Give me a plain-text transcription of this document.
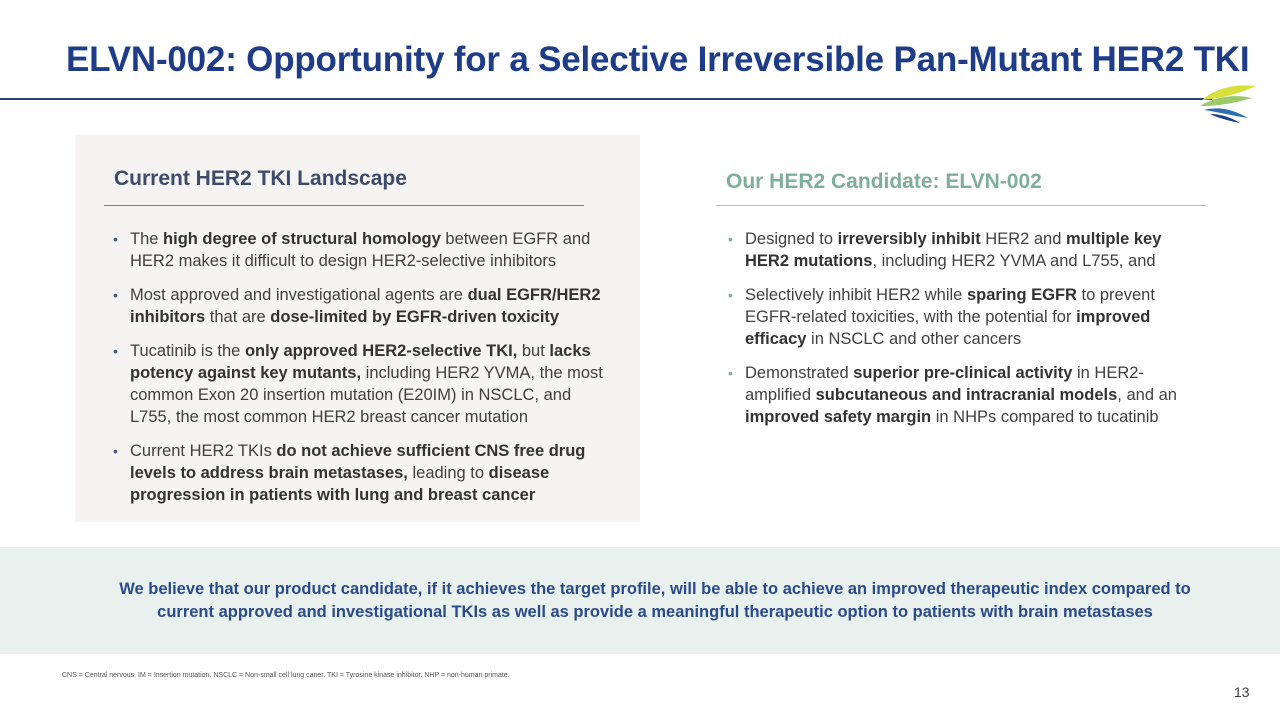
ELVN-002: Opportunity for a Selective Irreversible Pan-Mutant HER2 TKI
Current HER2 TKI Landscape
• The high degree of structural homology between EGFR and HER2 makes it difficult to design HER2-selective inhibitors
• Most approved and investigational agents are dual EGFR/HER2 inhibitors that are dose-limited by EGFR-driven toxicity
• Tucatinib is the only approved HER2-selective TKI, but lacks potency against key mutants, including HER2 YVMA, the most common Exon 20 insertion mutation (E20IM) in NSCLC, and L755, the most common HER2 breast cancer mutation
• Current HER2 TKIs do not achieve sufficient CNS free drug levels to address brain metastases, leading to disease progression in patients with lung and breast cancer
Our HER2 Candidate: ELVN-002
• Designed to irreversibly inhibit HER2 and multiple key HER2 mutations, including HER2 YVMA and L755, and
• Selectively inhibit HER2 while sparing EGFR to prevent EGFR-related toxicities, with the potential for improved efficacy in NSCLC and other cancers
• Demonstrated superior pre-clinical activity in HER2-amplified subcutaneous and intracranial models, and an improved safety margin in NHPs compared to tucatinib
We believe that our product candidate, if it achieves the target profile, will be able to achieve an improved therapeutic index compared to current approved and investigational TKIs as well as provide a meaningful therapeutic option to patients with brain metastases
CNS = Central nervous. IM = Insertion mutation. NSCLC = Non-small cell lung caner. TKI = Tyrosine kinase inhibitor. NHP = non-human primate.
13
